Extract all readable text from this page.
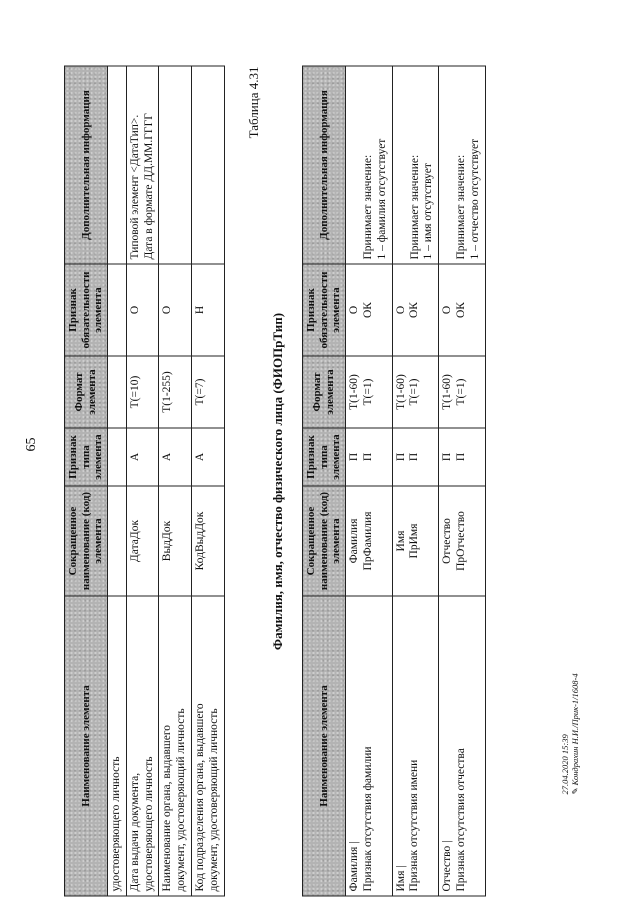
65
Наименование элемента	Сокращенное наименование (код) элемента	Признак типа элемента	Формат элемента	Признак обязательности элемента	Дополнительная информация
удостоверяющего личность					

Дата выдачи документа, удостоверяющего личность	ДатаДок	А	T(=10)	О	Типовой элемент <ДатаТип>. Дата в формате ДД.ММ.ГГГГ

Наименование органа, выдавшего документ, удостоверяющий личность	ВыдДок	А	T(1-255)	О	

Код подразделения органа, выдавшего документ, удостоверяющий личность	КодВыдДок	А	T(=7)	Н	
Таблица 4.31
Фамилия, имя, отчество физического лица (ФИОПрТип)
Наименование элемента	Сокращенное наименование (код) элемента	Признак типа элемента	Формат элемента	Признак обязательности элемента	Дополнительная информация

Фамилия | Признак отсутствия фамилии	Фамилия ПрФамилия	П П	T(1-60) T(=1)	О ОК	Принимает значение: 1 – фамилия отсутствует

Имя | Признак отсутствия имени	Имя ПрИмя	П П	T(1-60) T(=1)	О ОК	Принимает значение: 1 – имя отсутствует

Отчество | Признак отсутствия отчества	Отчество ПрОтчество	П П	T(1-60) T(=1)	О ОК	Принимает значение: 1 – отчество отсутствует
27.04.2020 15:39 ✎Кондрахин Н.И./Прик-1/1608-4
